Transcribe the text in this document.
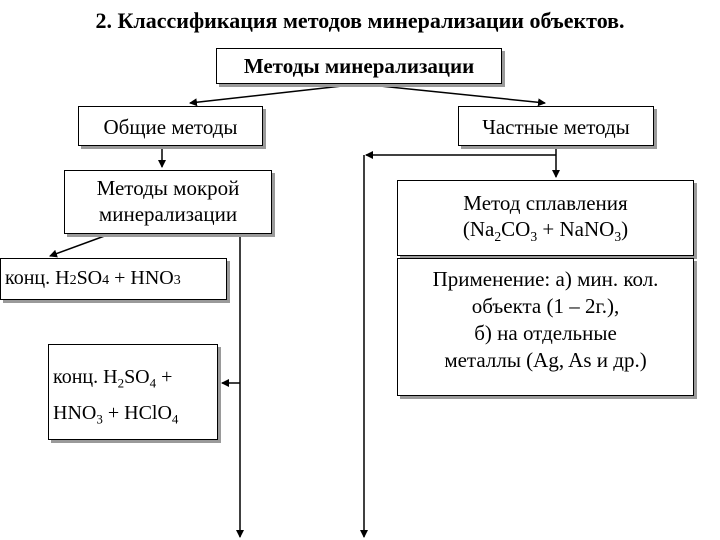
2. Классификация методов минерализации объектов.
Методы минерализации
Общие методы	Частные методы
Методы мокрой
минерализации	Метод сплавления
($Na_2CO_3$ + NaNO$_3$)
Применение: а) мин. кол.
объекта (1 – 2г.),
б) на отдельные
металлы (Ag, As и др.)
конц. H2SO4 + HNO3
конц. $H_2SO_4$ +
$HNO_3$ + HClO$_4$
